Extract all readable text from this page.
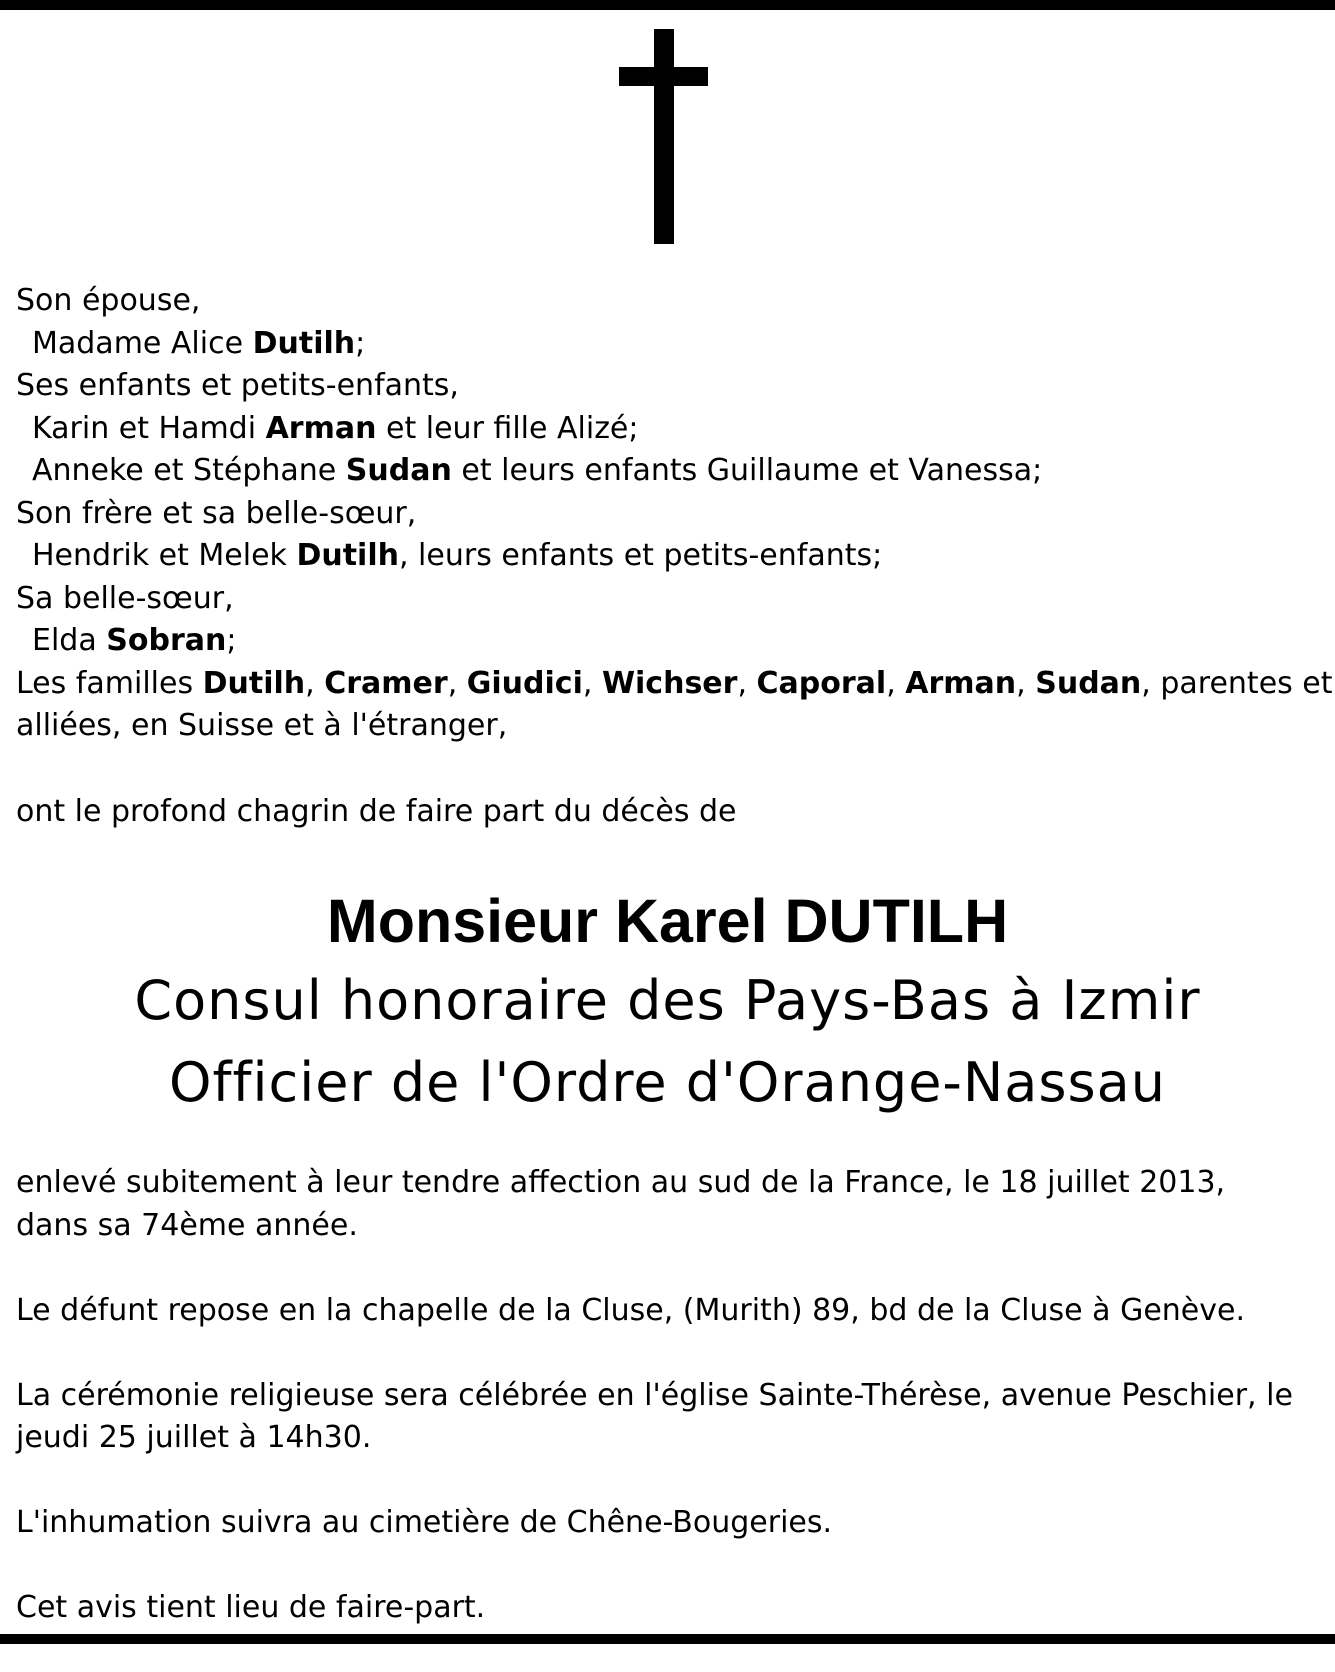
Son épouse,
Madame Alice Dutilh;
Ses enfants et petits-enfants,
Karin et Hamdi Arman et leur fille Alizé;
Anneke et Stéphane Sudan et leurs enfants Guillaume et Vanessa;
Son frère et sa belle-sœur,
Hendrik et Melek Dutilh, leurs enfants et petits-enfants;
Sa belle-sœur,
Elda Sobran;
Les familles Dutilh, Cramer, Giudici, Wichser, Caporal, Arman, Sudan, parentes et
alliées, en Suisse et à l'étranger,
ont le profond chagrin de faire part du décès de
Monsieur Karel DUTILH
Consul honoraire des Pays-Bas à Izmir
Officier de l'Ordre d'Orange-Nassau
enlevé subitement à leur tendre affection au sud de la France, le 18 juillet 2013,
dans sa 74ème année.
Le défunt repose en la chapelle de la Cluse, (Murith) 89, bd de la Cluse à Genève.
La cérémonie religieuse sera célébrée en l'église Sainte-Thérèse, avenue Peschier, le
jeudi 25 juillet à 14h30.
L'inhumation suivra au cimetière de Chêne-Bougeries.
Cet avis tient lieu de faire-part.
